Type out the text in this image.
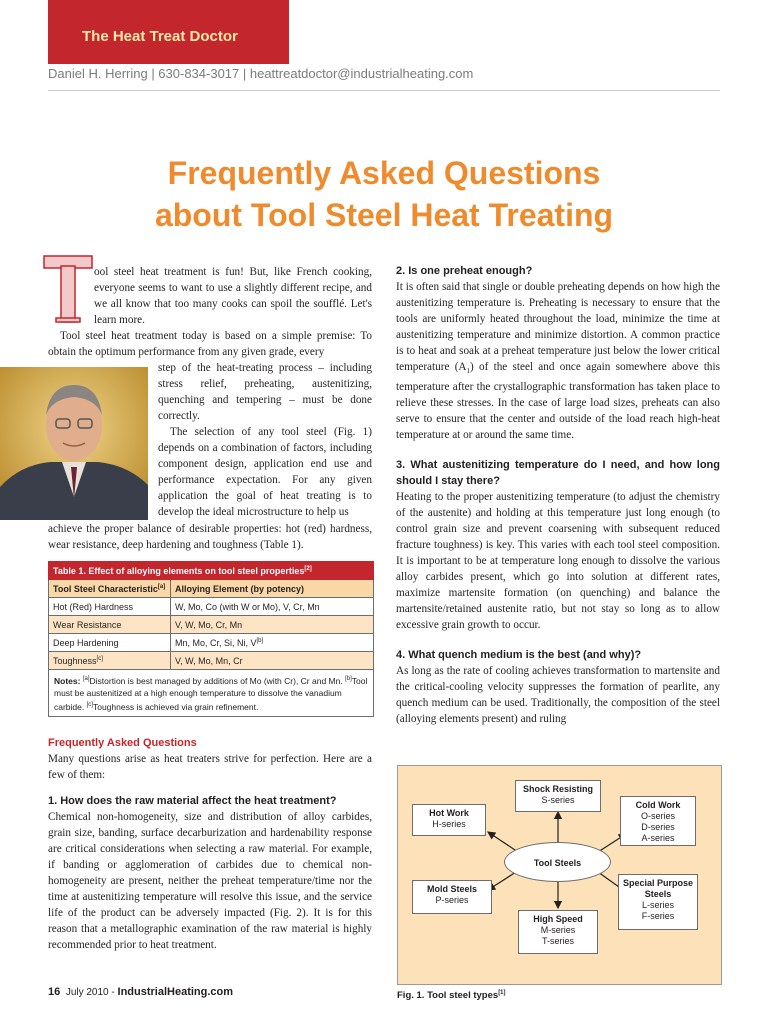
The Heat Treat Doctor
Daniel H. Herring | 630-834-3017 | heattreatdoctor@industrialheating.com
Frequently Asked Questions
about Tool Steel Heat Treating
ool steel heat treatment is fun! But, like French cooking, everyone seems to want to use a slightly different recipe, and we all know that too many cooks can spoil the soufflé. Let's learn more.

Tool steel heat treatment today is based on a simple premise: To obtain the optimum performance from any given grade, every

step of the heat-treating process – including stress relief, preheating, austenitizing, quenching and tempering – must be done correctly.

The selection of any tool steel (Fig. 1) depends on a combination of factors, including component design, application end use and performance expectation. For any given application the goal of heat treating is to develop the ideal microstructure to help us

achieve the proper balance of desirable properties: hot (red) hardness, wear resistance, deep hardening and toughness (Table 1).
Table 1. Effect of alloying elements on tool steel properties[2]
Tool Steel Characteristic[a]	Alloying Element (by potency)
Hot (Red) Hardness	W, Mo, Co (with W or Mo), V, Cr, Mn
Wear Resistance	V, W, Mo, Cr, Mn
Deep Hardening	Mn, Mo, Cr, Si, Ni, V[b]
Toughness[c]	V, W, Mo, Mn, Cr
Notes: [a]Distortion is best managed by additions of Mo (with Cr), Cr and Mn. [b]Tool must be austenitized at a high enough temperature to dissolve the vanadium carbide. [c]Toughness is achieved via grain refinement.	
Frequently Asked Questions

Many questions arise as heat treaters strive for perfection. Here are a few of them:

1. How does the raw material affect the heat treatment?

Chemical non-homogeneity, size and distribution of alloy carbides, grain size, banding, surface decarburization and hardenability response are critical considerations when selecting a raw material. For example, if banding or agglomeration of carbides due to chemical non-homogeneity are present, neither the preheat temperature/time nor the time at austenitizing temperature will resolve this issue, and the service life of the product can be adversely impacted (Fig. 2). It is for this reason that a metallographic examination of the raw material is highly recommended prior to heat treatment.

2. Is one preheat enough?

It is often said that single or double preheating depends on how high the austenitizing temperature is. Preheating is necessary to ensure that the tools are uniformly heated throughout the load, minimize the time at austenitizing temperature and minimize distortion. A common practice is to heat and soak at a preheat temperature just below the lower critical temperature $(A_1)$ of the steel and once again somewhere above this temperature after the crystallographic transformation has taken place to relieve these stresses. In the case of large load sizes, preheats can also serve to ensure that the center and outside of the load reach high-heat temperature at or around the same time.

3. What austenitizing temperature do I need, and how long should I stay there?

Heating to the proper austenitizing temperature (to adjust the chemistry of the austenite) and holding at this temperature just long enough (to control grain size and prevent coarsening with subsequent reduced fracture toughness) is key. This varies with each tool steel composition. It is important to be at temperature long enough to dissolve the various alloy carbides present, which go into solution at different rates, maximize martensite formation (on quenching) and balance the martensite/retained austenite ratio, but not stay so long as to allow excessive grain growth to occur.

4. What quench medium is the best (and why)?

As long as the rate of cooling achieves transformation to martensite and the critical-cooling velocity suppresses the formation of pearlite, any quench medium can be used. Traditionally, the composition of the steel (alloying elements present) and ruling

Tool Steels
Shock Resisting
S-series
Hot Work
H-series
Cold Work
O-series
D-series
A-series
Mold Steels
P-series
Special Purpose Steels
L-series
F-series
High Speed
M-series
T-series
Fig. 1. Tool steel types[1]
16 July 2010 - IndustrialHeating.com
